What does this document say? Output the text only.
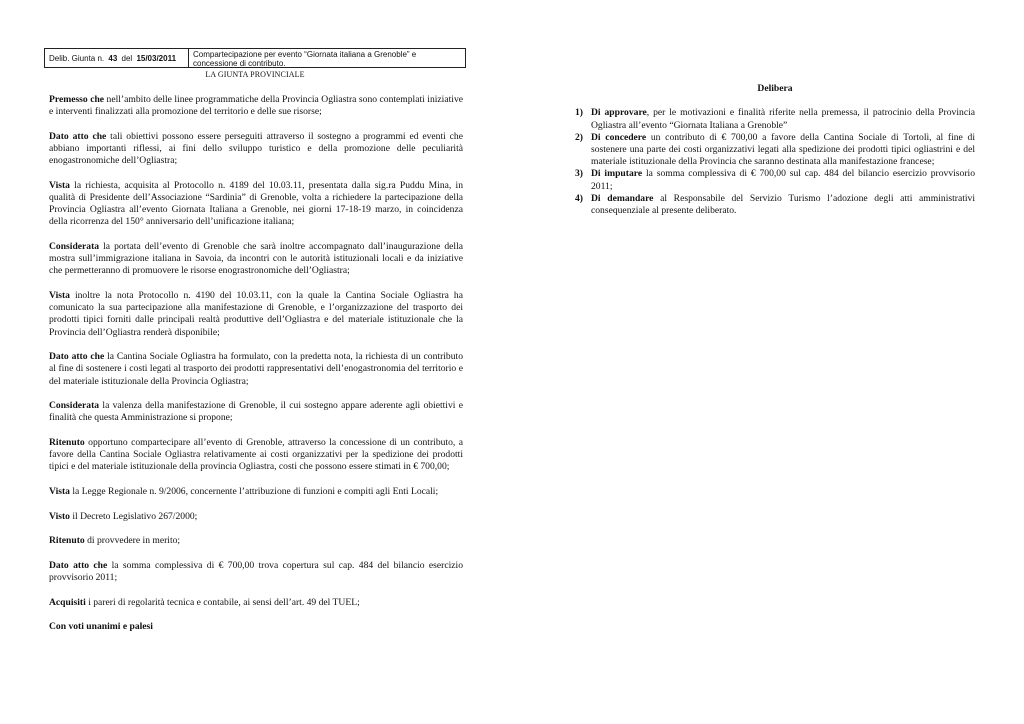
Delib. Giunta n.
43
del
15/03/2011	Compartecipazione per evento “Giornata italiana a Grenoble” e concessione di contributo.
LA GIUNTA PROVINCIALE

Premesso che nell’ambito delle linee programmatiche della Provincia Ogliastra sono contemplati iniziative e interventi finalizzati alla promozione del territorio e delle sue risorse;

Dato atto che tali obiettivi possono essere perseguiti attraverso il sostegno a programmi ed eventi che abbiano importanti riflessi, ai fini dello sviluppo turistico e della promozione delle peculiarità enogastronomiche dell’Ogliastra;

Vista la richiesta, acquisita al Protocollo n. 4189 del 10.03.11, presentata dalla sig.ra Puddu Mina, in qualità di Presidente dell’Associazione “Sardinia” di Grenoble, volta a richiedere la partecipazione della Provincia Ogliastra all’evento Giornata Italiana a Grenoble, nei giorni 17-18-19 marzo, in coincidenza della ricorrenza del 150° anniversario dell’unificazione italiana;

Considerata la portata dell’evento di Grenoble che sarà inoltre accompagnato dall’inaugurazione della mostra sull’immigrazione italiana in Savoia, da incontri con le autorità istituzionali locali e da iniziative che permetteranno di promuovere le risorse enograstronomiche dell’Ogliastra;

Vista inoltre la nota Protocollo n. 4190 del 10.03.11, con la quale la Cantina Sociale Ogliastra ha comunicato la sua partecipazione alla manifestazione di Grenoble, e l’organizzazione del trasporto dei prodotti tipici forniti dalle principali realtà produttive dell’Ogliastra e del materiale istituzionale che la Provincia dell’Ogliastra renderà disponibile;

Dato atto che la Cantina Sociale Ogliastra ha formulato, con la predetta nota, la richiesta di un contributo al fine di sostenere i costi legati al trasporto dei prodotti rappresentativi dell’enogastronomia del territorio e del materiale istituzionale della Provincia Ogliastra;

Considerata la valenza della manifestazione di Grenoble, il cui sostegno appare aderente agli obiettivi e finalità che questa Amministrazione si propone;

Ritenuto opportuno compartecipare all’evento di Grenoble, attraverso la concessione di un contributo, a favore della Cantina Sociale Ogliastra relativamente ai costi organizzativi per la spedizione dei prodotti tipici e del materiale istituzionale della provincia Ogliastra, costi che possono essere stimati in € 700,00;

Vista la Legge Regionale n. 9/2006, concernente l’attribuzione di funzioni e compiti agli Enti Locali;

Visto il Decreto Legislativo 267/2000;

Ritenuto di provvedere in merito;

Dato atto che la somma complessiva di € 700,00 trova copertura sul cap. 484 del bilancio esercizio provvisorio 2011;

Acquisiti i pareri di regolarità tecnica e contabile, ai sensi dell’art. 49 del TUEL;

Con voti unanimi e palesi

Delibera
1) Di approvare, per le motivazioni e finalità riferite nella premessa, il patrocinio della Provincia Ogliastra all’evento “Giornata Italiana a Grenoble”
2) Di concedere un contributo di € 700,00 a favore della Cantina Sociale di Tortolì, al fine di sostenere una parte dei costi organizzativi legati alla spedizione dei prodotti tipici ogliastrini e del materiale istituzionale della Provincia che saranno destinata alla manifestazione francese;
3) Di imputare la somma complessiva di € 700,00 sul cap. 484 del bilancio esercizio provvisorio 2011;
4) Di demandare al Responsabile del Servizio Turismo l’adozione degli atti amministrativi consequenziale al presente deliberato.
